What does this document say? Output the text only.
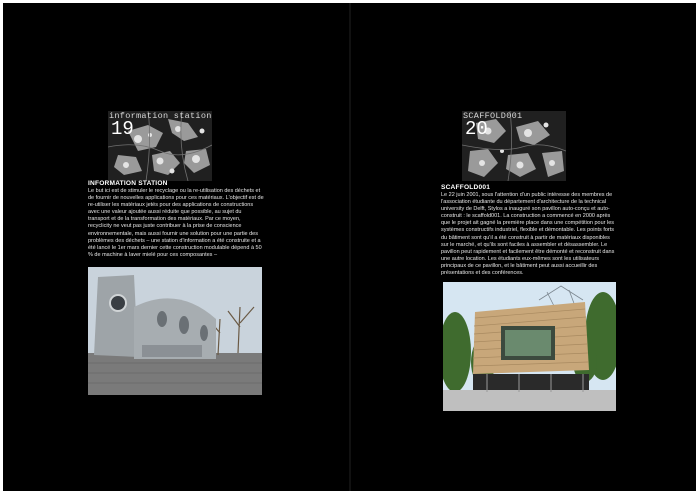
information station
19
INFORMATION STATION

Le but ici est de stimuler le recyclage ou la re-utilisation des déchets et de fournir de nouvelles applications pour ces matériaux. L'objectif est de re-utiliser les matériaux jetés pour des applications de constructions avec une valeur ajoutée aussi réduite que possible, au sujet du transport et de la transformation des matériaux. Par ce moyen, recyclicity ne veut pas juste contribuer à la prise de conscience environnementale, mais aussi fournir une solution pour une partie des problèmes des déchets – une station d'information a été construite et a été lancé le 1er mars dernier cette construction modulable dépend à 50 % de machine à laver mielé pour ces composantes –

SCAFFOLD001
20
SCAFFOLD001

Le 22 juin 2001, sous l'attention d'un public intéresse des membres de l'association étudiante du département d'architecture de la technical university de Delft, Stylos a inauguré son pavillon auto-conçu et auto-construit : le scaffold001. La construction a commencé en 2000 après que le projet ait gagné la première place dans une compétition pour les systèmes constructifs industriel, flexible et démontable. Les points forts du bâtiment sont qu'il a été construit à partir de matériaux disponibles sur le marché, et qu'ils sont faciles à assembler et désassembler. Le pavillon peut rapidement et facilement être démonté et reconstruit dans une autre location. Les étudiants eux-mêmes sont les utilisateurs principaux de ce pavillon, et le bâtiment peut aussi accueillir des présentations et des conférences.
